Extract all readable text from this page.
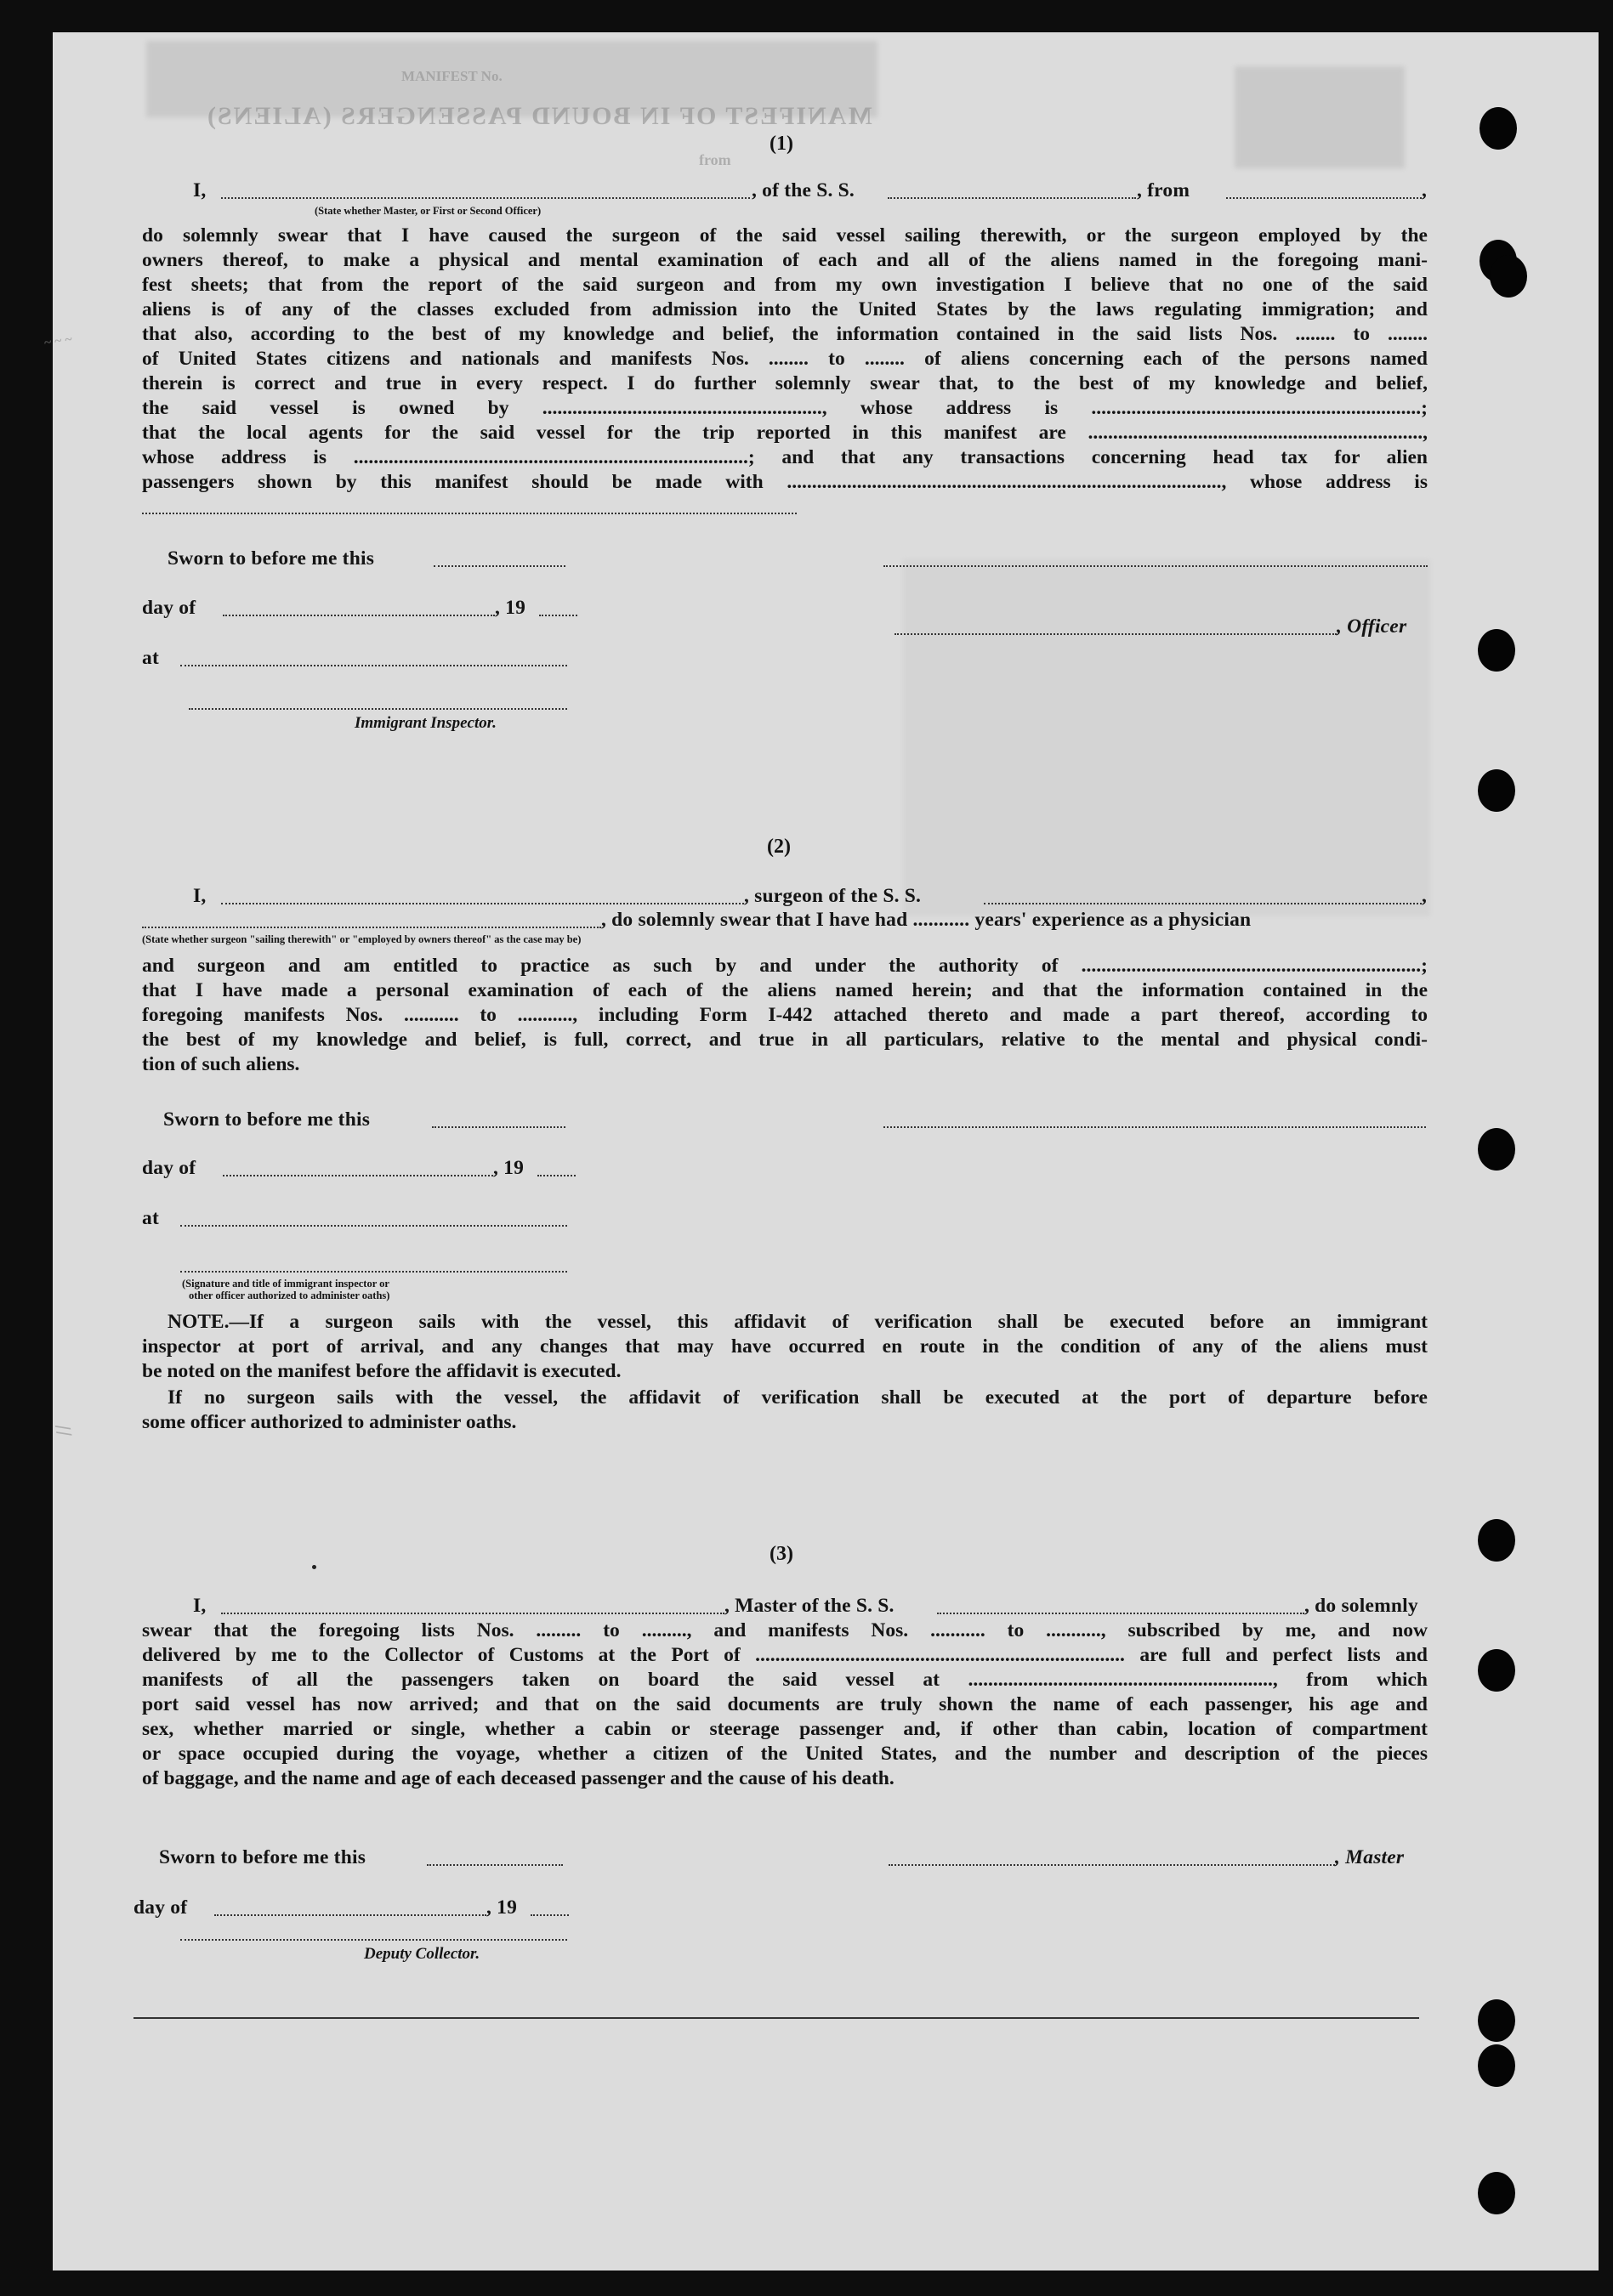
MANIFEST No.
MANIFEST OF IN BOUND PASSENGERS (ALIENS)
from
(1)
I,	, of the S. S.	, from	,
(State whether Master, or First or Second Officer)
do solemnly swear that I have caused the surgeon of the said vessel sailing therewith, or the surgeon employed by the
owners thereof, to make a physical and mental examination of each and all of the aliens named in the foregoing mani-
fest sheets; that from the report of the said surgeon and from my own investigation I believe that no one of the said
aliens is of any of the classes excluded from admission into the United States by the laws regulating immigration; and
that also, according to the best of my knowledge and belief, the information contained in the said lists Nos. ........ to ........
of United States citizens and nationals and manifests Nos. ........ to ........ of aliens concerning each of the persons named
therein is correct and true in every respect. I do further solemnly swear that, to the best of my knowledge and belief,
the said vessel is owned by ........................................................, whose address is ..................................................................;
that the local agents for the said vessel for the trip reported in this manifest are ...................................................................,
whose address is ...............................................................................; and that any transactions concerning head tax for alien
passengers shown by this manifest should be made with ......................................................................................., whose address is
Sworn to before me this
day of	, 19
, Officer
at
Immigrant Inspector.
(2)
I,	, surgeon of the S. S.	,
, do solemnly swear that I have had ........... years' experience as a physician
(State whether surgeon "sailing therewith" or "employed by owners thereof" as the case may be)
and surgeon and am entitled to practice as such by and under the authority of ....................................................................;
that I have made a personal examination of each of the aliens named herein; and that the information contained in the
foregoing manifests Nos. ........... to ..........., including Form I-442 attached thereto and made a part thereof, according to
the best of my knowledge and belief, is full, correct, and true in all particulars, relative to the mental and physical condi-
tion of such aliens.
Sworn to before me this
day of	, 19
at
(Signature and title of immigrant inspector or
other officer authorized to administer oaths)
NOTE.—If a surgeon sails with the vessel, this affidavit of verification shall be executed before an immigrant
inspector at port of arrival, and any changes that may have occurred en route in the condition of any of the aliens must
be noted on the manifest before the affidavit is executed.
If no surgeon sails with the vessel, the affidavit of verification shall be executed at the port of departure before
some officer authorized to administer oaths.
(3)
I,	, Master of the S. S.	, do solemnly
swear that the foregoing lists Nos. ......... to ........., and manifests Nos. ........... to ..........., subscribed by me, and now
delivered by me to the Collector of Customs at the Port of .......................................................................... are full and perfect lists and
manifests of all the passengers taken on board the said vessel at ............................................................., from which
port said vessel has now arrived; and that on the said documents are truly shown the name of each passenger, his age and
sex, whether married or single, whether a cabin or steerage passenger and, if other than cabin, location of compartment
or space occupied during the voyage, whether a citizen of the United States, and the number and description of the pieces
of baggage, and the name and age of each deceased passenger and the cause of his death.
Sworn to before me this	, Master
day of	, 19
Deputy Collector.
~ ~ ~
//
